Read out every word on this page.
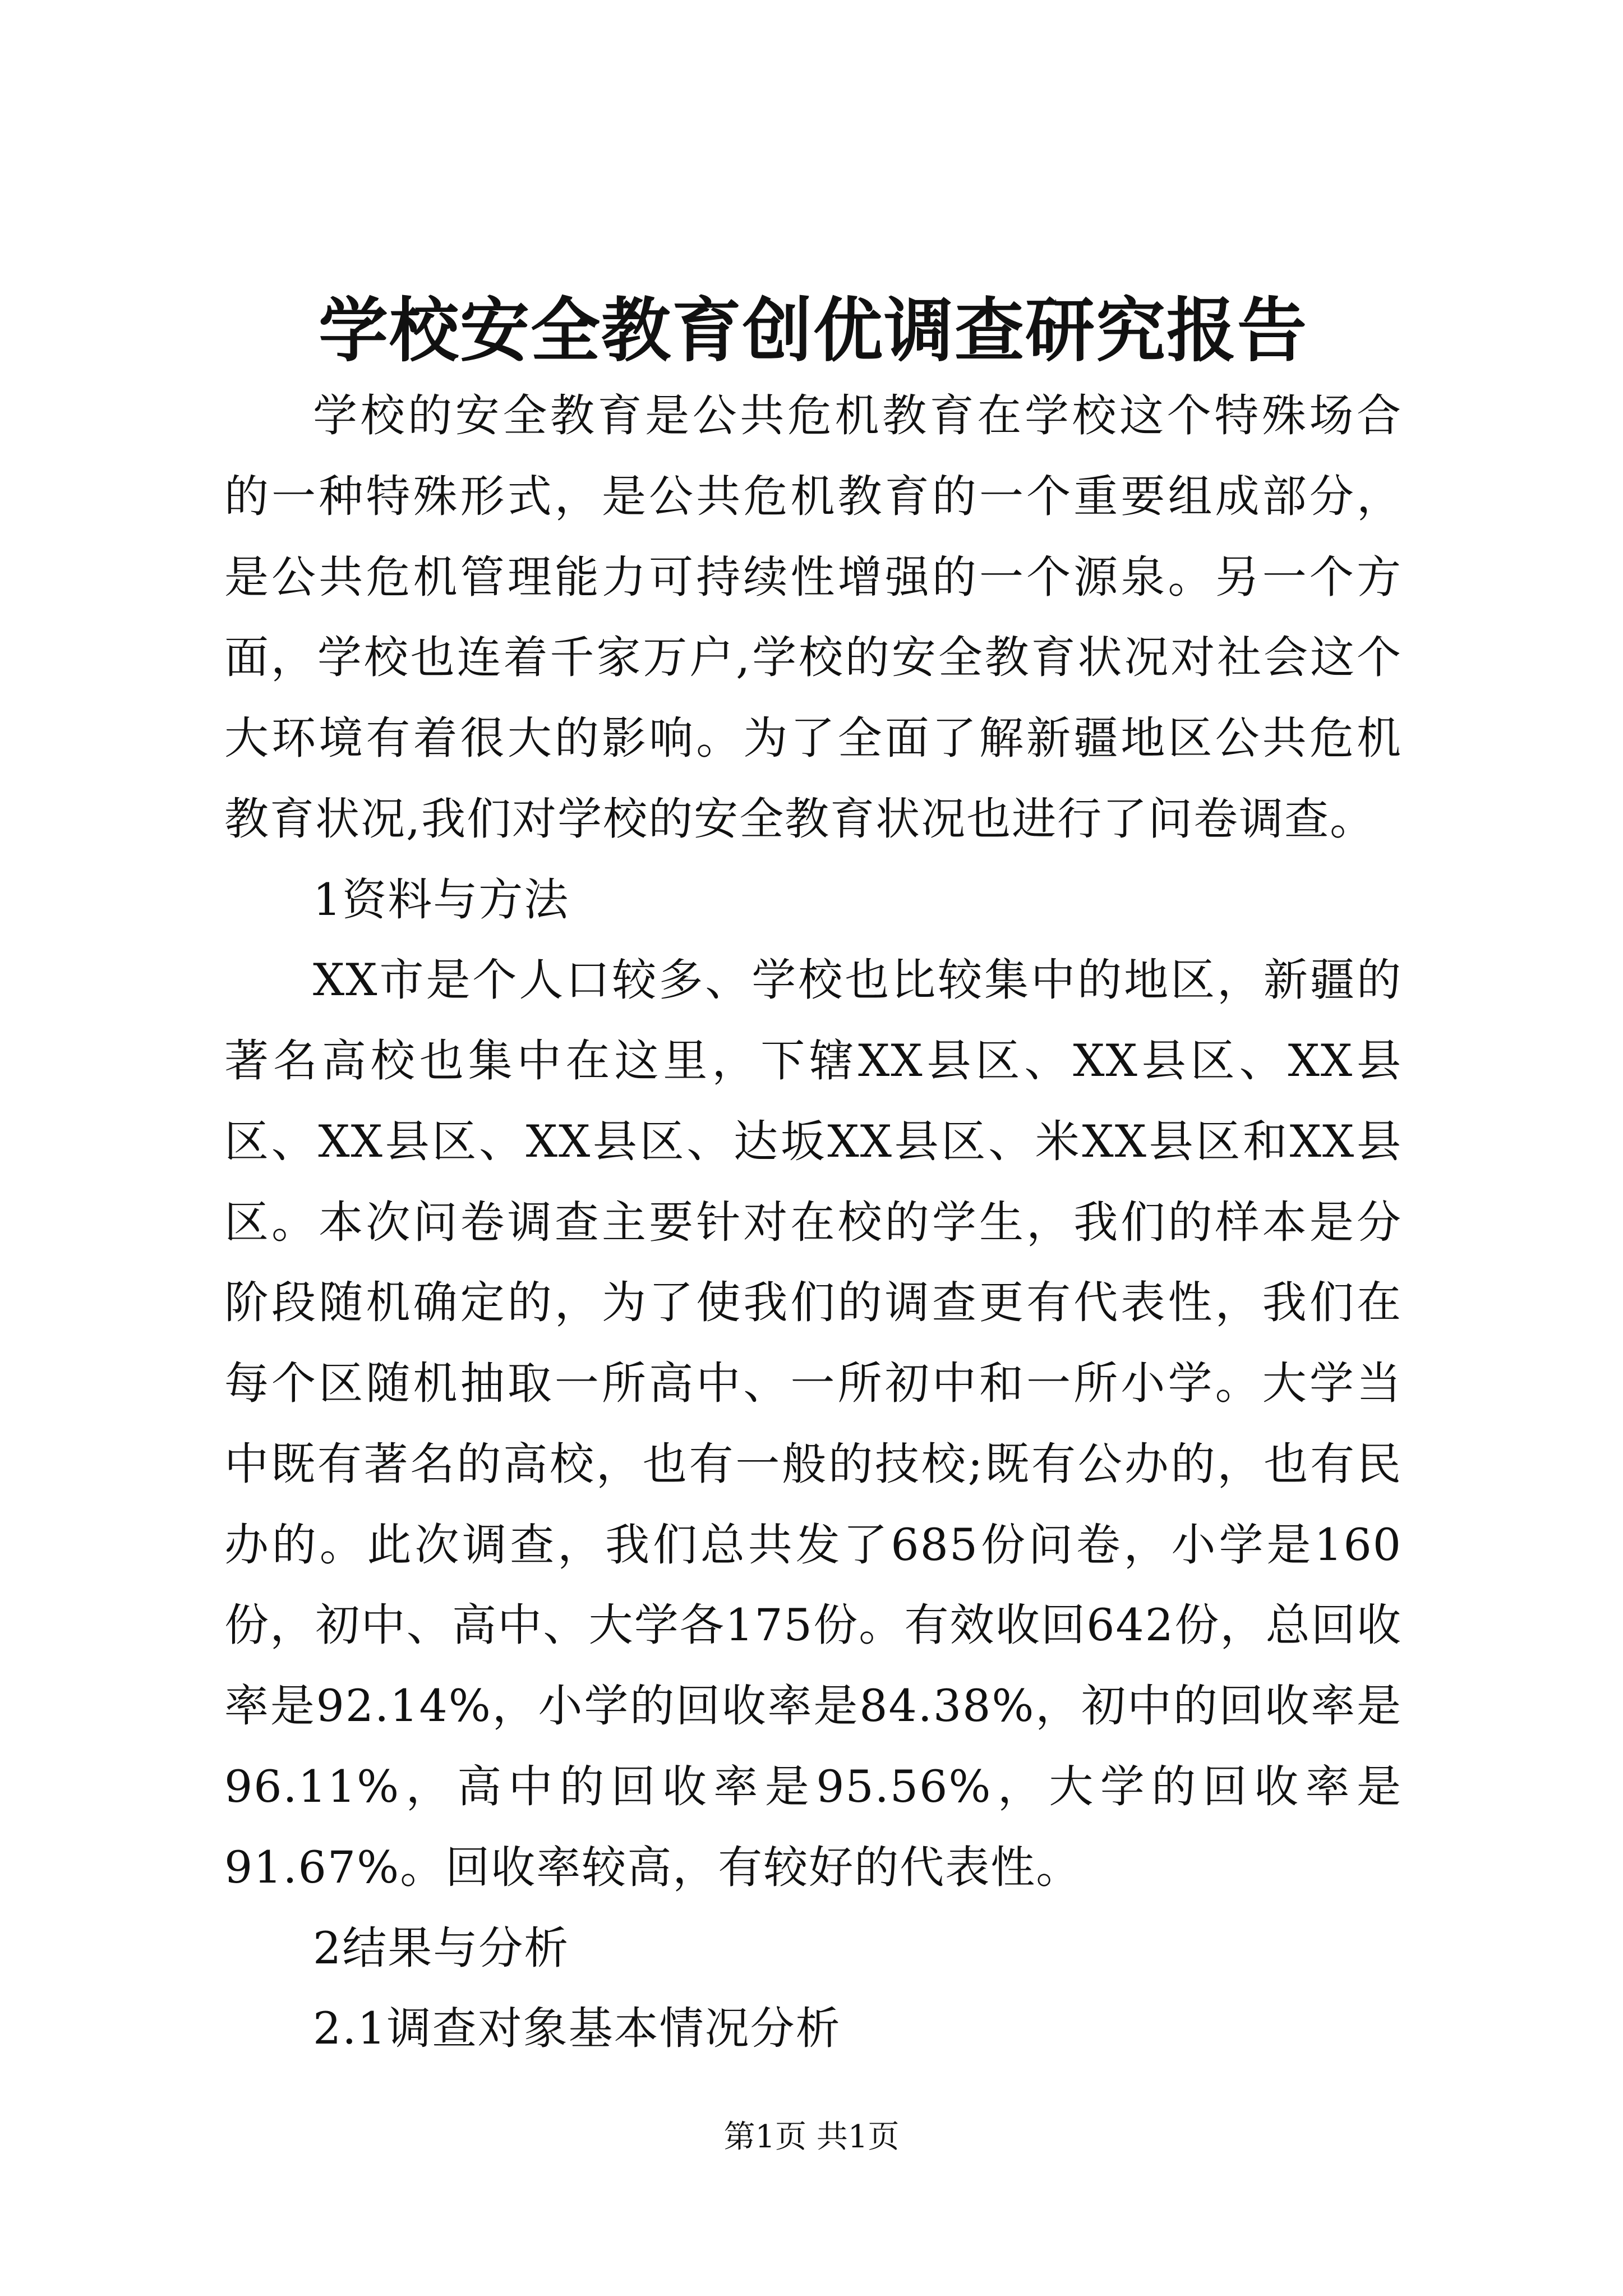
学校安全教育创优调查研究报告

学校的安全教育是公共危机教育在学校这个特殊场合的一种特殊形式，是公共危机教育的一个重要组成部分，是公共危机管理能力可持续性增强的一个源泉。另一个方面，学校也连着千家万户,学校的安全教育状况对社会这个大环境有着很大的影响。为了全面了解新疆地区公共危机教育状况,我们对学校的安全教育状况也进行了问卷调查。

1资料与方法

XX市是个人口较多、学校也比较集中的地区，新疆的著名高校也集中在这里，下辖XX县区、XX县区、XX县区、XX县区、XX县区、达坂XX县区、米XX县区和XX县区。本次问卷调查主要针对在校的学生，我们的样本是分阶段随机确定的，为了使我们的调查更有代表性，我们在每个区随机抽取一所高中、一所初中和一所小学。大学当中既有著名的高校，也有一般的技校;既有公办的，也有民办的。此次调查，我们总共发了685份问卷，小学是160份，初中、高中、大学各175份。有效收回642份，总回收率是92.14%，小学的回收率是84.38%，初中的回收率是96.11%，高中的回收率是95.56%，大学的回收率是91.67%。回收率较高，有较好的代表性。

2结果与分析

2.1调查对象基本情况分析

第1页 共1页
